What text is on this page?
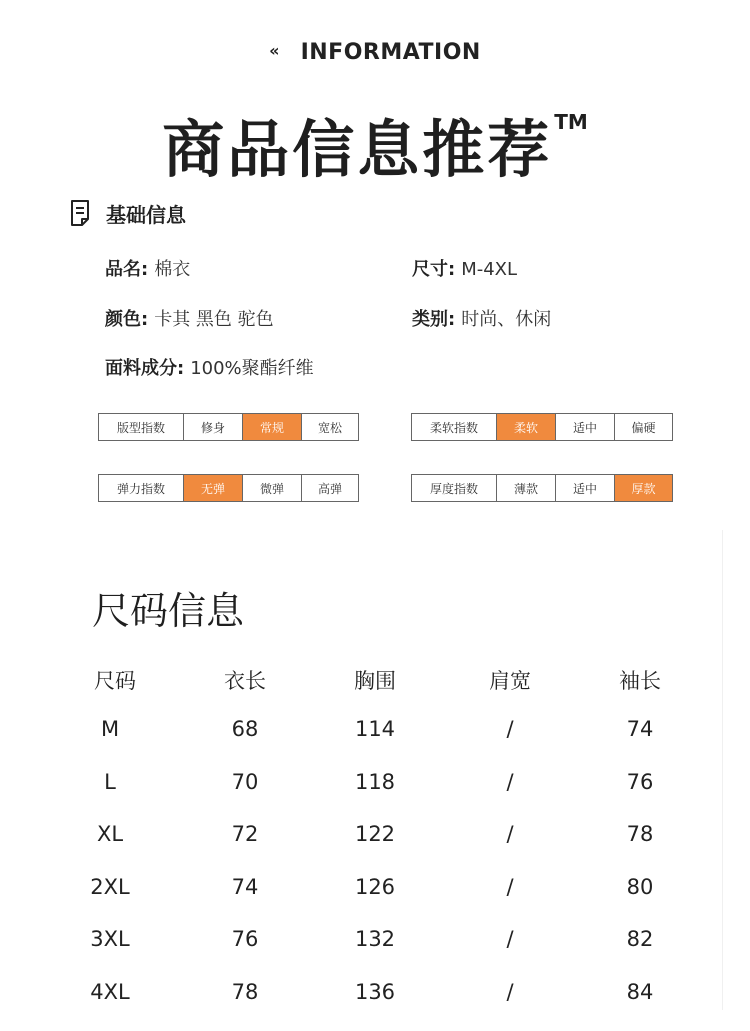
« INFORMATION
商品信息推荐 ™
基础信息
品名: 棉衣	尺寸: M-4XL
颜色: 卡其 黑色 驼色	类别: 时尚、休闲
面料成分: 100%聚酯纤维
版型指数	修身	常规	宽松	柔软指数	柔软	适中	偏硬
弹力指数	无弹	微弹	高弹	厚度指数	薄款	适中	厚款
尺码信息
尺码	衣长	胸围	肩宽	袖长
M	68	114	/	74
L	70	118	/	76
XL	72	122	/	78
2XL	74	126	/	80
3XL	76	132	/	82
4XL	78	136	/	84
